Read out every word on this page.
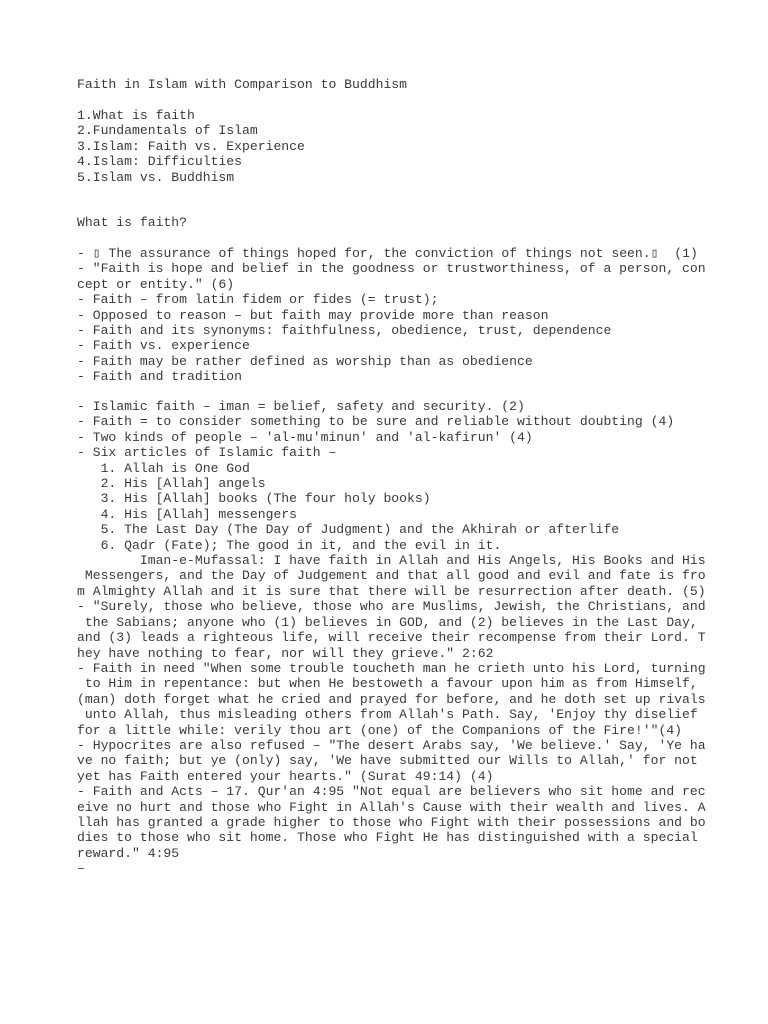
Faith in Islam with Comparison to Buddhism

1.What is faith
2.Fundamentals of Islam
3.Islam: Faith vs. Experience
4.Islam: Difficulties
5.Islam vs. Buddhism

What is faith?

- ▯ The assurance of things hoped for, the conviction of things not seen.▯  (1)
- "Faith is hope and belief in the goodness or trustworthiness, of a person, con
cept or entity." (6)
- Faith – from latin fidem or fides (= trust);
- Opposed to reason – but faith may provide more than reason
- Faith and its synonyms: faithfulness, obedience, trust, dependence
- Faith vs. experience
- Faith may be rather defined as worship than as obedience
- Faith and tradition
- Islamic faith – iman = belief, safety and security. (2)
- Faith = to consider something to be sure and reliable without doubting (4)
- Two kinds of people – 'al-mu'minun' and 'al-kafirun' (4)
- Six articles of Islamic faith –
1. Allah is One God
2. His [Allah] angels
3. His [Allah] books (The four holy books)
4. His [Allah] messengers
5. The Last Day (The Day of Judgment) and the Akhirah or afterlife
6. Qadr (Fate); The good in it, and the evil in it.
Iman-e-Mufassal: I have faith in Allah and His Angels, His Books and His
Messengers, and the Day of Judgement and that all good and evil and fate is fro
m Almighty Allah and it is sure that there will be resurrection after death. (5)
- "Surely, those who believe, those who are Muslims, Jewish, the Christians, and
the Sabians; anyone who (1) believes in GOD, and (2) believes in the Last Day,
and (3) leads a righteous life, will receive their recompense from their Lord. T
hey have nothing to fear, nor will they grieve." 2:62
- Faith in need "When some trouble toucheth man he crieth unto his Lord, turning
to Him in repentance: but when He bestoweth a favour upon him as from Himself,
(man) doth forget what he cried and prayed for before, and he doth set up rivals
unto Allah, thus misleading others from Allah's Path. Say, 'Enjoy thy diselief
for a little while: verily thou art (one) of the Companions of the Fire!'"(4)
- Hypocrites are also refused – "The desert Arabs say, 'We believe.' Say, 'Ye ha
ve no faith; but ye (only) say, 'We have submitted our Wills to Allah,' for not
yet has Faith entered your hearts." (Surat 49:14) (4)
- Faith and Acts – 17. Qur'an 4:95 "Not equal are believers who sit home and rec
eive no hurt and those who Fight in Allah's Cause with their wealth and lives. A
llah has granted a grade higher to those who Fight with their possessions and bo
dies to those who sit home. Those who Fight He has distinguished with a special
reward." 4:95
–
